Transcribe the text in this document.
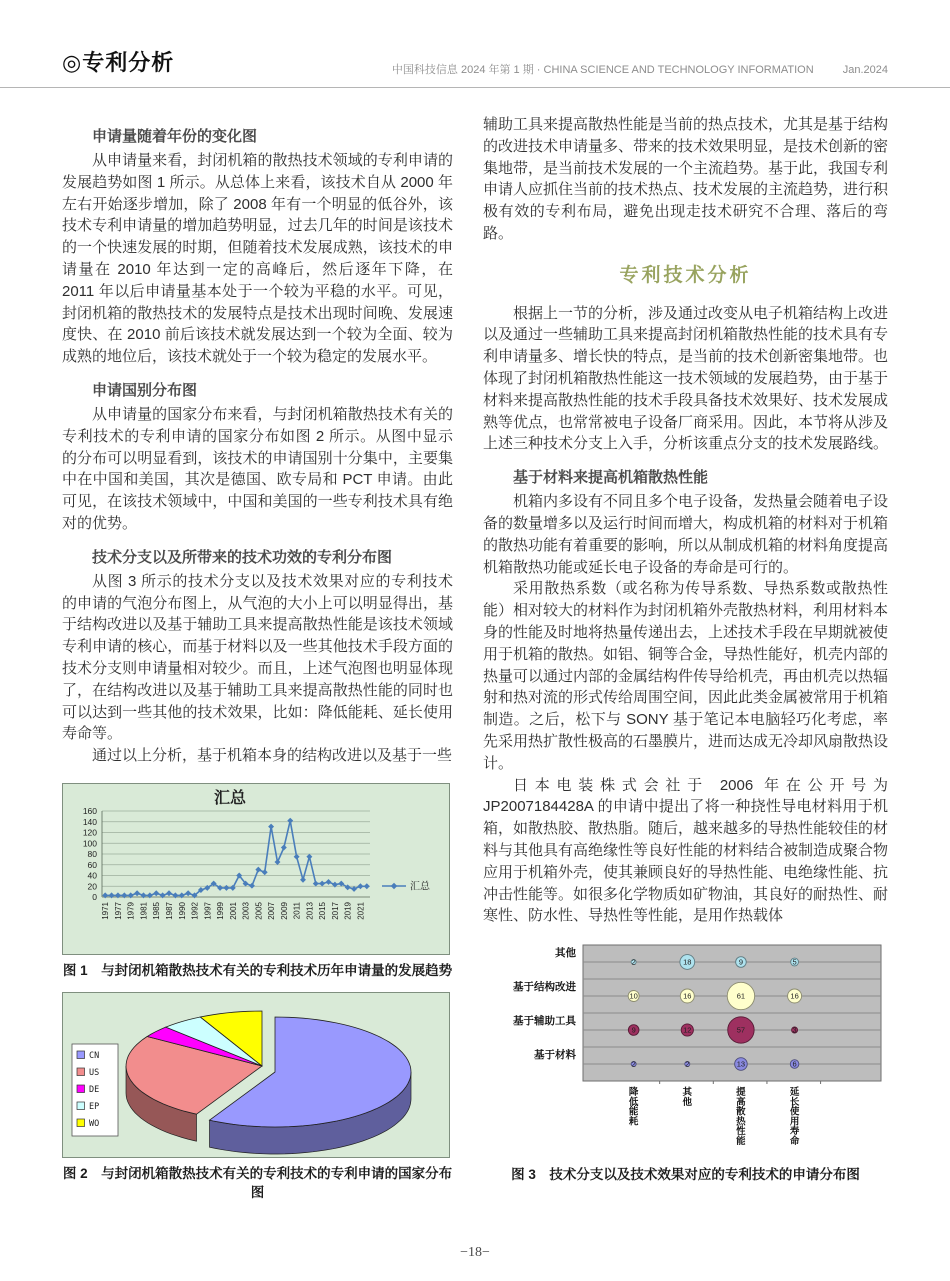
◎专利分析	中国科技信息 2024 年第 1 期 · CHINA SCIENCE AND TECHNOLOGY INFORMATION	Jan.2024
申请量随着年份的变化图

从申请量来看，封闭机箱的散热技术领域的专利申请的发展趋势如图 1 所示。从总体上来看，该技术自从 2000 年左右开始逐步增加，除了 2008 年有一个明显的低谷外，该技术专利申请量的增加趋势明显，过去几年的时间是该技术的一个快速发展的时期，但随着技术发展成熟，该技术的申请量在 2010 年达到一定的高峰后，然后逐年下降，在 2011 年以后申请量基本处于一个较为平稳的水平。可见，封闭机箱的散热技术的发展特点是技术出现时间晚、发展速度快、在 2010 前后该技术就发展达到一个较为全面、较为成熟的地位后，该技术就处于一个较为稳定的发展水平。

申请国别分布图

从申请量的国家分布来看，与封闭机箱散热技术有关的专利技术的专利申请的国家分布如图 2 所示。从图中显示的分布可以明显看到，该技术的申请国别十分集中，主要集中在中国和美国，其次是德国、欧专局和 PCT 申请。由此可见，在该技术领域中，中国和美国的一些专利技术具有绝对的优势。

技术分支以及所带来的技术功效的专利分布图

从图 3 所示的技术分支以及技术效果对应的专利技术的申请的气泡分布图上，从气泡的大小上可以明显得出，基于结构改进以及基于辅助工具来提高散热性能是该技术领域专利申请的核心，而基于材料以及一些其他技术手段方面的技术分支则申请量相对较少。而且，上述气泡图也明显体现了，在结构改进以及基于辅助工具来提高散热性能的同时也可以达到一些其他的技术效果，比如：降低能耗、延长使用寿命等。

通过以上分析，基于机箱本身的结构改进以及基于一些

汇总
0
20
40
60
80
100
120
140
160
1971 1977 1979 1981 1985 1987 1990 1992 1997 1999 2001 2003 2005 2007 2009 2011 2013 2015 2017 2019 2021
汇总
图 1　与封闭机箱散热技术有关的专利技术历年申请量的发展趋势
CN
US
DE
EP
WO
图 2　与封闭机箱散热技术有关的专利技术的专利申请的国家分布图

辅助工具来提高散热性能是当前的热点技术，尤其是基于结构的改进技术申请量多、带来的技术效果明显，是技术创新的密集地带，是当前技术发展的一个主流趋势。基于此，我国专利申请人应抓住当前的技术热点、技术发展的主流趋势，进行积极有效的专利布局，避免出现走技术研究不合理、落后的弯路。

专利技术分析

根据上一节的分析，涉及通过改变从电子机箱结构上改进以及通过一些辅助工具来提高封闭机箱散热性能的技术具有专利申请量多、增长快的特点，是当前的技术创新密集地带。也体现了封闭机箱散热性能这一技术领域的发展趋势，由于基于材料来提高散热性能的技术手段具备技术效果好、技术发展成熟等优点，也常常被电子设备厂商采用。因此，本节将从涉及上述三种技术分支上入手，分析该重点分支的技术发展路线。

基于材料来提高机箱散热性能

机箱内多设有不同且多个电子设备，发热量会随着电子设备的数量增多以及运行时间而增大，构成机箱的材料对于机箱的散热功能有着重要的影响，所以从制成机箱的材料角度提高机箱散热功能或延长电子设备的寿命是可行的。

采用散热系数（或名称为传导系数、导热系数或散热性能）相对较大的材料作为封闭机箱外壳散热材料，利用材料本身的性能及时地将热量传递出去，上述技术手段在早期就被使用于机箱的散热。如铝、铜等合金，导热性能好，机壳内部的热量可以通过内部的金属结构件传导给机壳，再由机壳以热辐射和热对流的形式传给周围空间，因此此类金属被常用于机箱制造。之后，松下与 SONY 基于笔记本电脑轻巧化考虑，率先采用热扩散性极高的石墨膜片，进而达成无冷却风扇散热设计。

日本电装株式会社于 2006 年在公开号为 JP2007184428A 的申请中提出了将一种挠性导电材料用于机箱，如散热胶、散热脂。随后，越来越多的导热性能较佳的材料与其他具有高绝缘性等良好性能的材料结合被制造成聚合物应用于机箱外壳，使其兼顾良好的导热性能、电绝缘性能、抗冲击性能等。如很多化学物质如矿物油，其良好的耐热性、耐寒性、防水性、导热性等性能，是用作热载体

其他
基于结构改进
基于辅助工具
基于材料
2	18	9	5
10	16	61	16
9	12	57	3
2	2	13	6
降低能耗
其他
提高散热性能
延长使用寿命
图 3　技术分支以及技术效果对应的专利技术的申请分布图
−18−
